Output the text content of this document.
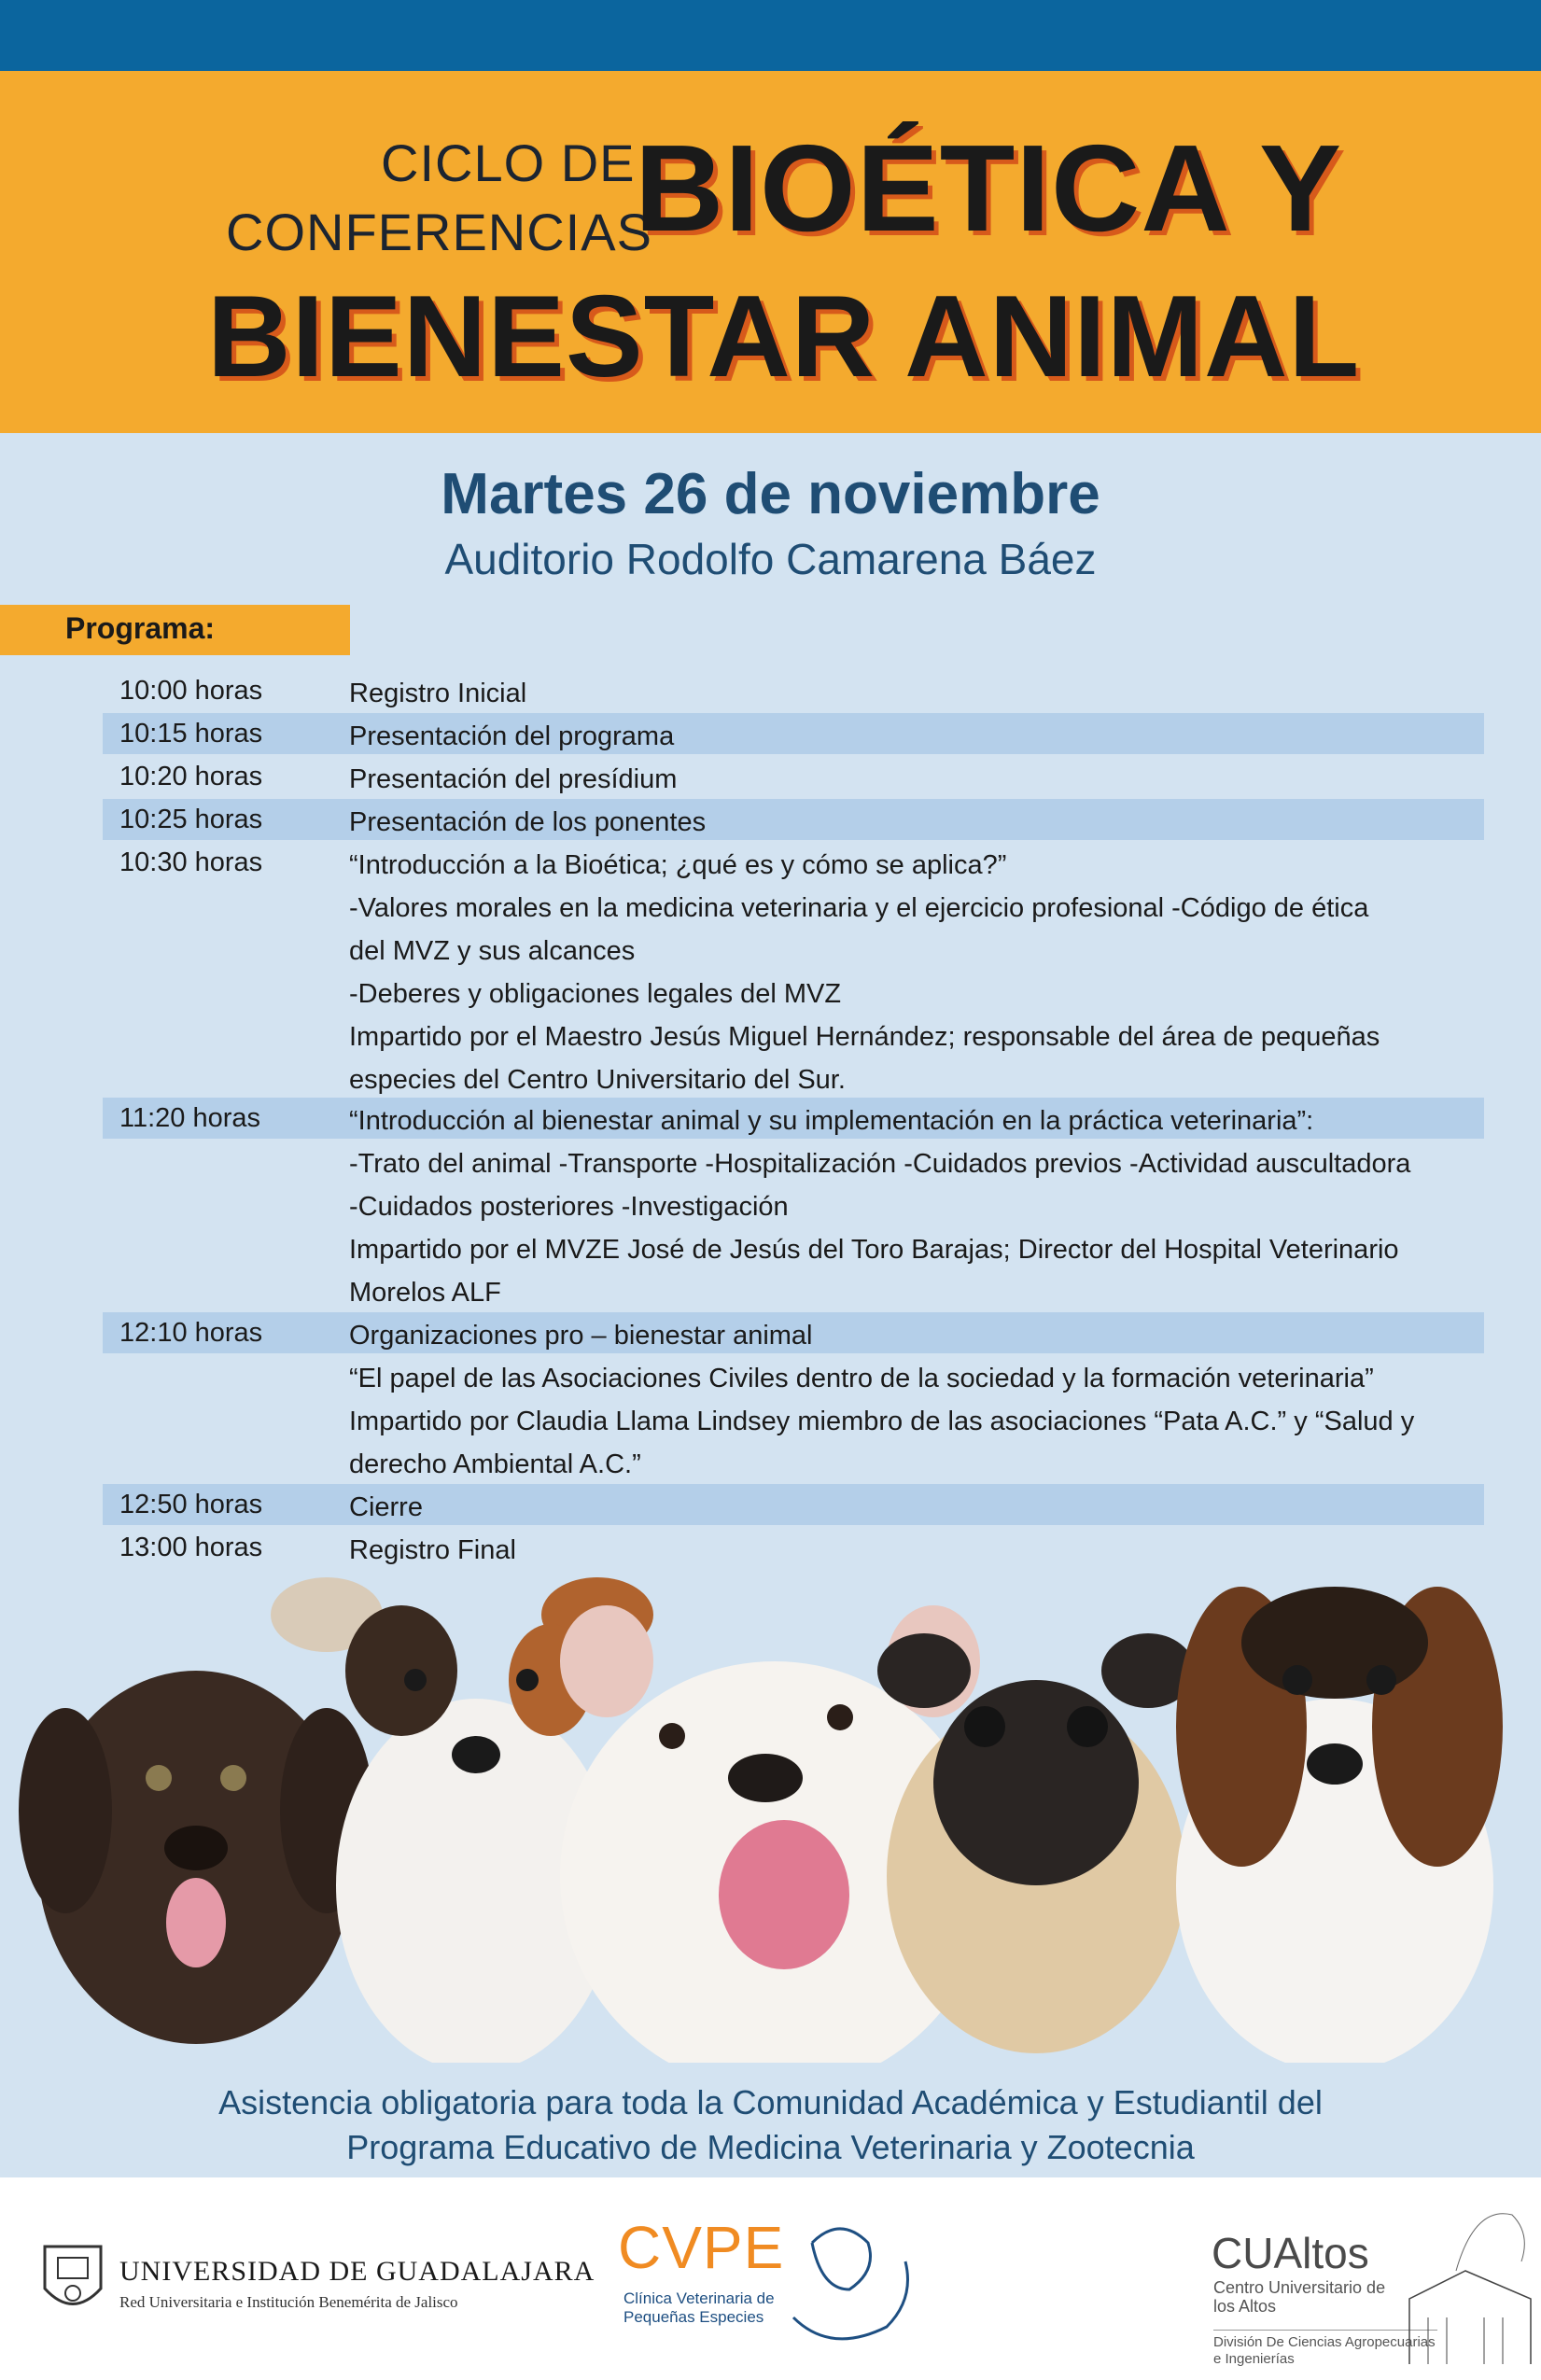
CICLO DE
CONFERENCIAS
BIOÉTICA Y
BIENESTAR ANIMAL
Martes 26 de noviembre
Auditorio Rodolfo Camarena Báez
Programa:
10:00 horas	Registro Inicial
10:15 horas	Presentación del programa
10:20 horas	Presentación del presídium
10:25 horas	Presentación de los ponentes
10:30 horas	“Introducción a la Bioética; ¿qué es y cómo se aplica?”
-Valores morales en la medicina veterinaria y el ejercicio profesional -Código de ética
del MVZ y sus alcances
-Deberes y obligaciones legales del MVZ
Impartido por el Maestro Jesús Miguel Hernández; responsable del área de pequeñas
especies del Centro Universitario del Sur.
11:20 horas	“Introducción al bienestar animal y su implementación en la práctica veterinaria”:
-Trato del animal -Transporte -Hospitalización -Cuidados previos -Actividad auscultadora
-Cuidados posteriores -Investigación
Impartido por el MVZE José de Jesús del Toro Barajas; Director del Hospital Veterinario
Morelos ALF
12:10 horas	Organizaciones pro – bienestar animal
“El papel de las Asociaciones Civiles dentro de la sociedad y la formación veterinaria”
Impartido por Claudia Llama Lindsey miembro de las asociaciones “Pata A.C.” y “Salud y
derecho Ambiental A.C.”
12:50 horas	Cierre
13:00 horas	Registro Final
Asistencia obligatoria para toda la Comunidad Académica y Estudiantil del
Programa Educativo de Medicina Veterinaria y Zootecnia
UNIVERSIDAD DE GUADALAJARA
Red Universitaria e Institución Benemérita de Jalisco
CVPE
Clínica Veterinaria de Pequeñas Especies
CUAltos
Centro Universitario de los Altos
División De Ciencias Agropecuarias e Ingenierías
